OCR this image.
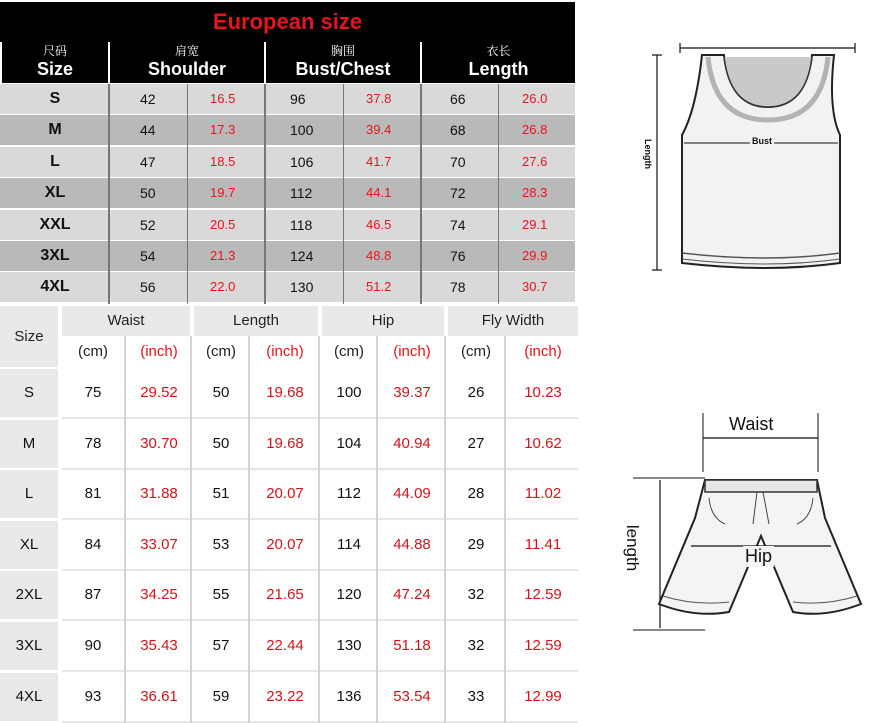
European size
尺码
Size
肩宽
Shoulder
胸围
Bust/Chest
衣长
Length
S	42	16.5	96	37.8	66	26.0
M	44	17.3	100	39.4	68	26.8
L	47	18.5	106	41.7	70	27.6
XL	50	19.7	112	44.1	72	28.3
XXL	52	20.5	118	46.5	74	29.1
3XL	54	21.3	124	48.8	76	29.9
4XL	56	22.0	130	51.2	78	30.7
Size
Waist	Length	Hip	Fly Width
(cm)	(inch)	(cm)	(inch)	(cm)	(inch)	(cm)	(inch)
S	75	29.52	50	19.68	100	39.37	26	10.23
M	78	30.70	50	19.68	104	40.94	27	10.62
L	81	31.88	51	20.07	112	44.09	28	11.02
XL	84	33.07	53	20.07	114	44.88	29	11.41
2XL	87	34.25	55	21.65	120	47.24	32	12.59
3XL	90	35.43	57	22.44	130	51.18	32	12.59
4XL	93	36.61	59	23.22	136	53.54	33	12.99
Bust
Length
Waist
Hip
length
